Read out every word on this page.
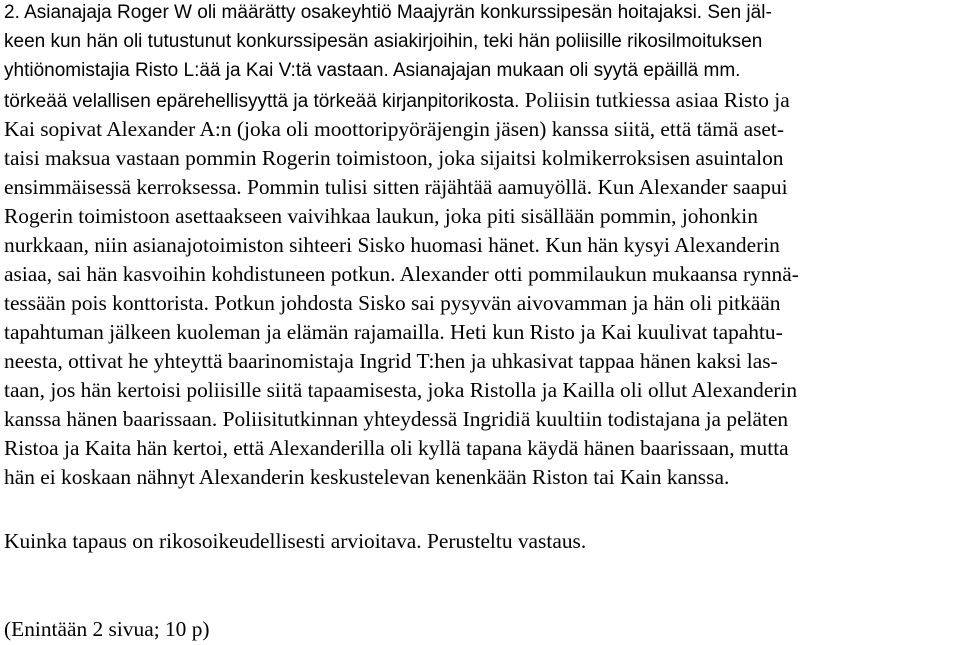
2. Asianajaja Roger W oli määrätty osakeyhtiö Maajyrän konkurssipesän hoitajaksi. Sen jäl-
keen kun hän oli tutustunut konkurssipesän asiakirjoihin, teki hän poliisille rikosilmoituksen
yhtiönomistajia Risto L:ää ja Kai V:tä vastaan. Asianajajan mukaan oli syytä epäillä mm.
törkeää velallisen epärehellisyyttä ja törkeää kirjanpitorikosta. Poliisin tutkiessa asiaa Risto ja
Kai sopivat Alexander A:n (joka oli moottoripyöräjengin jäsen) kanssa siitä, että tämä aset-
taisi maksua vastaan pommin Rogerin toimistoon, joka sijaitsi kolmikerroksisen asuintalon
ensimmäisessä kerroksessa. Pommin tulisi sitten räjähtää aamuyöllä. Kun Alexander saapui
Rogerin toimistoon asettaakseen vaivihkaa laukun, joka piti sisällään pommin, johonkin
nurkkaan, niin asianajotoimiston sihteeri Sisko huomasi hänet. Kun hän kysyi Alexanderin
asiaa, sai hän kasvoihin kohdistuneen potkun. Alexander otti pommilaukun mukaansa rynnä-
tessään pois konttorista. Potkun johdosta Sisko sai pysyvän aivovamman ja hän oli pitkään
tapahtuman jälkeen kuoleman ja elämän rajamailla. Heti kun Risto ja Kai kuulivat tapahtu-
neesta, ottivat he yhteyttä baarinomistaja Ingrid T:hen ja uhkasivat tappaa hänen kaksi las-
taan, jos hän kertoisi poliisille siitä tapaamisesta, joka Ristolla ja Kailla oli ollut Alexanderin
kanssa hänen baarissaan. Poliisitutkinnan yhteydessä Ingridiä kuultiin todistajana ja peläten
Ristoa ja Kaita hän kertoi, että Alexanderilla oli kyllä tapana käydä hänen baarissaan, mutta
hän ei koskaan nähnyt Alexanderin keskustelevan kenenkään Riston tai Kain kanssa.
Kuinka tapaus on rikosoikeudellisesti arvioitava. Perusteltu vastaus.
(Enintään 2 sivua; 10 p)
